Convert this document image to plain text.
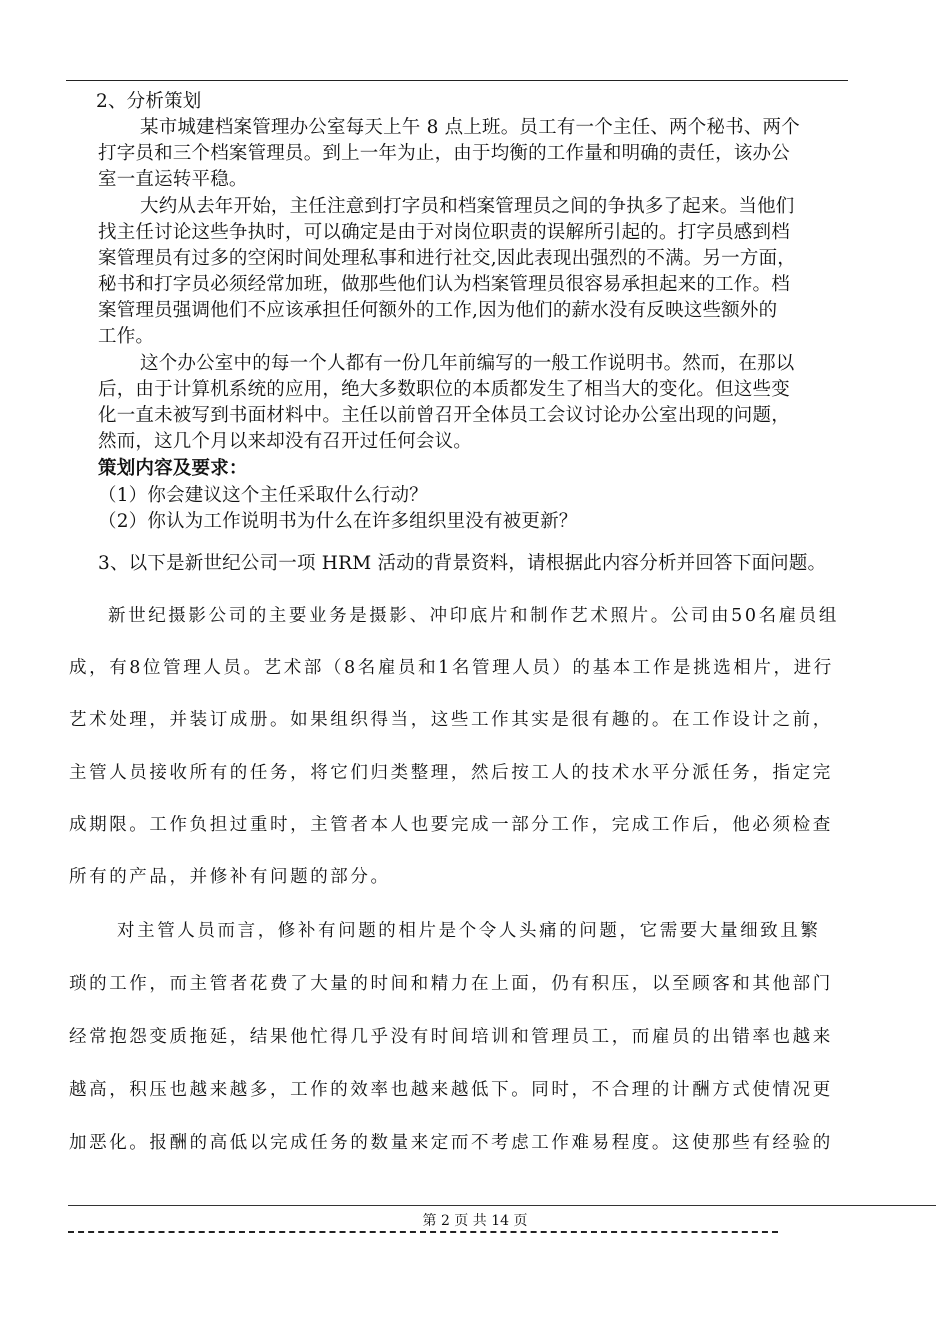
2、分析策划
某市城建档案管理办公室每天上午 8 点上班。员工有一个主任、两个秘书、两个
打字员和三个档案管理员。到上一年为止，由于均衡的工作量和明确的责任，该办公
室一直运转平稳。
大约从去年开始，主任注意到打字员和档案管理员之间的争执多了起来。当他们
找主任讨论这些争执时，可以确定是由于对岗位职责的误解所引起的。打字员感到档
案管理员有过多的空闲时间处理私事和进行社交,因此表现出强烈的不满。另一方面，
秘书和打字员必须经常加班，做那些他们认为档案管理员很容易承担起来的工作。档
案管理员强调他们不应该承担任何额外的工作,因为他们的薪水没有反映这些额外的
工作。
这个办公室中的每一个人都有一份几年前编写的一般工作说明书。然而，在那以
后，由于计算机系统的应用，绝大多数职位的本质都发生了相当大的变化。但这些变
化一直未被写到书面材料中。主任以前曾召开全体员工会议讨论办公室出现的问题，
然而，这几个月以来却没有召开过任何会议。
策划内容及要求：
（1）你会建议这个主任采取什么行动？
（2）你认为工作说明书为什么在许多组织里没有被更新？
3、以下是新世纪公司一项 HRM 活动的背景资料，请根据此内容分析并回答下面问题。
新世纪摄影公司的主要业务是摄影、冲印底片和制作艺术照片。公司由50名雇员组
成，有8位管理人员。艺术部（8名雇员和1名管理人员）的基本工作是挑选相片，进行
艺术处理，并装订成册。如果组织得当，这些工作其实是很有趣的。在工作设计之前，
主管人员接收所有的任务，将它们归类整理，然后按工人的技术水平分派任务，指定完
成期限。工作负担过重时，主管者本人也要完成一部分工作，完成工作后，他必须检查
所有的产品，并修补有问题的部分。
对主管人员而言，修补有问题的相片是个令人头痛的问题，它需要大量细致且繁
琐的工作，而主管者花费了大量的时间和精力在上面，仍有积压，以至顾客和其他部门
经常抱怨变质拖延，结果他忙得几乎没有时间培训和管理员工，而雇员的出错率也越来
越高，积压也越来越多，工作的效率也越来越低下。同时，不合理的计酬方式使情况更
加恶化。报酬的高低以完成任务的数量来定而不考虑工作难易程度。这使那些有经验的
第 2 页 共 14 页
